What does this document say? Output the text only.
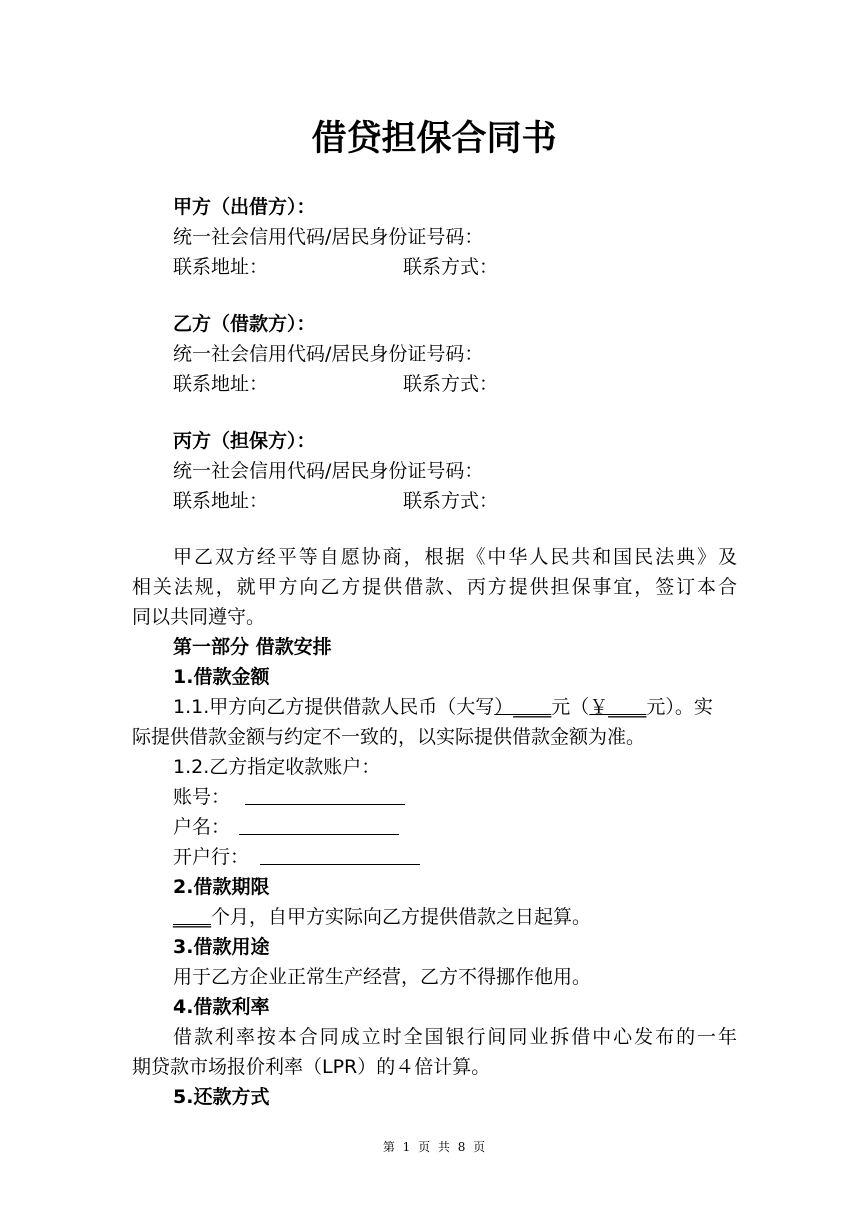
借贷担保合同书
甲方（出借方）：
统一社会信用代码/居民身份证号码：
联系地址：	联系方式：
乙方（借款方）：
统一社会信用代码/居民身份证号码：
联系地址：	联系方式：
丙方（担保方）：
统一社会信用代码/居民身份证号码：
联系地址：	联系方式：
甲乙双方经平等自愿协商，根据《中华人民共和国民法典》及
相关法规，就甲方向乙方提供借款、丙方提供担保事宜，签订本合
同以共同遵守。
第一部分 借款安排
1.借款金额
1.1.甲方向乙方提供借款人民币（大写）____元（￥____元）。实
际提供借款金额与约定不一致的，以实际提供借款金额为准。
1.2.乙方指定收款账户：
账号：
户名：
开户行：
2.借款期限
____个月，自甲方实际向乙方提供借款之日起算。
3.借款用途
用于乙方企业正常生产经营，乙方不得挪作他用。
4.借款利率
借款利率按本合同成立时全国银行间同业拆借中心发布的一年
期贷款市场报价利率（LPR）的４倍计算。
5.还款方式
第 1 页 共 8 页
